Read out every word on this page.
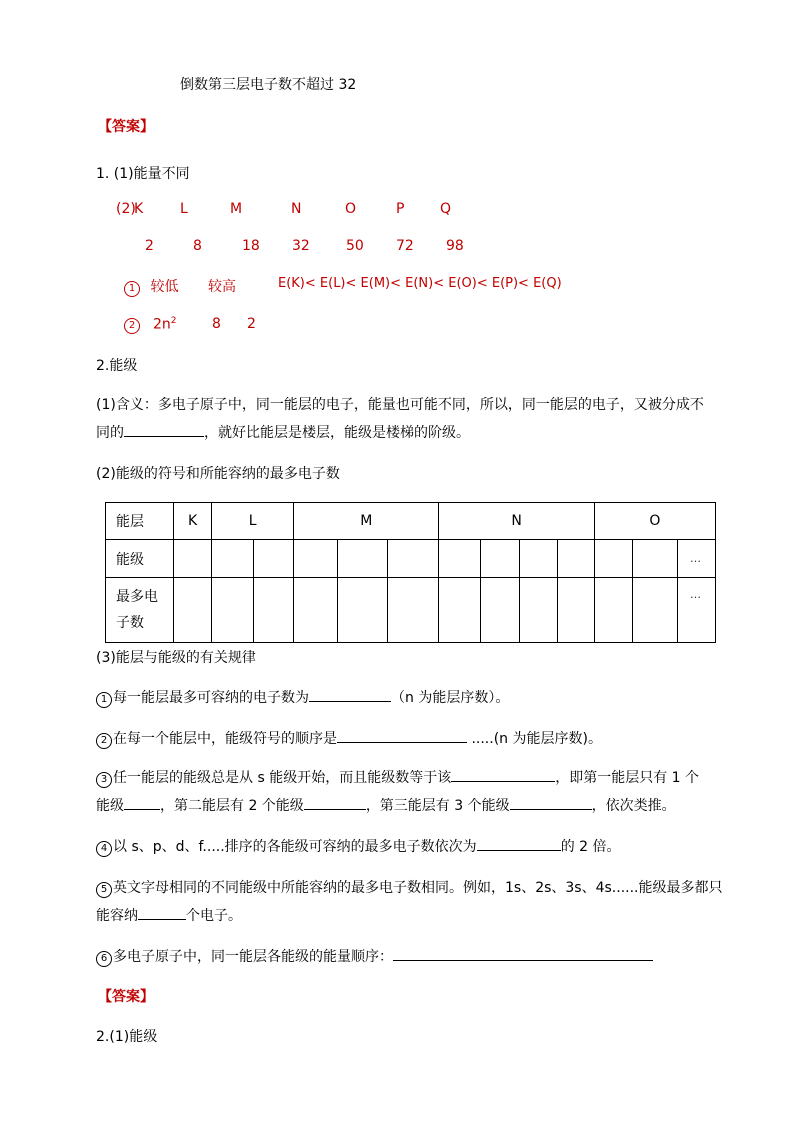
倒数第三层电子数不超过 32
【答案】
1. (1)能量不同
(2)
K	L	M	N	O	P	Q
2	8	18 32	50 72 98
1 较低 较高	E(K)< E(L)< E(M)< E(N)< E(O)< E(P)< E(Q)
2	$2n^2$	8 2
2.能级
(1)含义：多电子原子中，同一能层的电子，能量也可能不同，所以，同一能层的电子，又被分成不
同的	，就好比能层是楼层，能级是楼梯的阶级。
(2)能级的符号和所能容纳的最多电子数
能层	K	L		M			N				O		
能级													…
最多电
子数													…
(3)能层与能级的有关规律
1 每一能层最多可容纳的电子数为	（n 为能层序数）。
2 在每一个能层中，能级符号的顺序是	.....(n 为能层序数)。
3 任一能层的能级总是从 s 能级开始，而且能级数等于该	，即第一能层只有 1 个
能级	，第二能层有 2 个能级	，第三能层有 3 个能级	，依次类推。
4 以 s、p、d、f.....排序的各能级可容纳的最多电子数依次为	的 2 倍。
5 英文字母相同的不同能级中所能容纳的最多电子数相同。例如，1s、2s、3s、4s......能级最多都只
能容纳	个电子。
6 多电子原子中，同一能层各能级的能量顺序：
【答案】
2.(1)能级
